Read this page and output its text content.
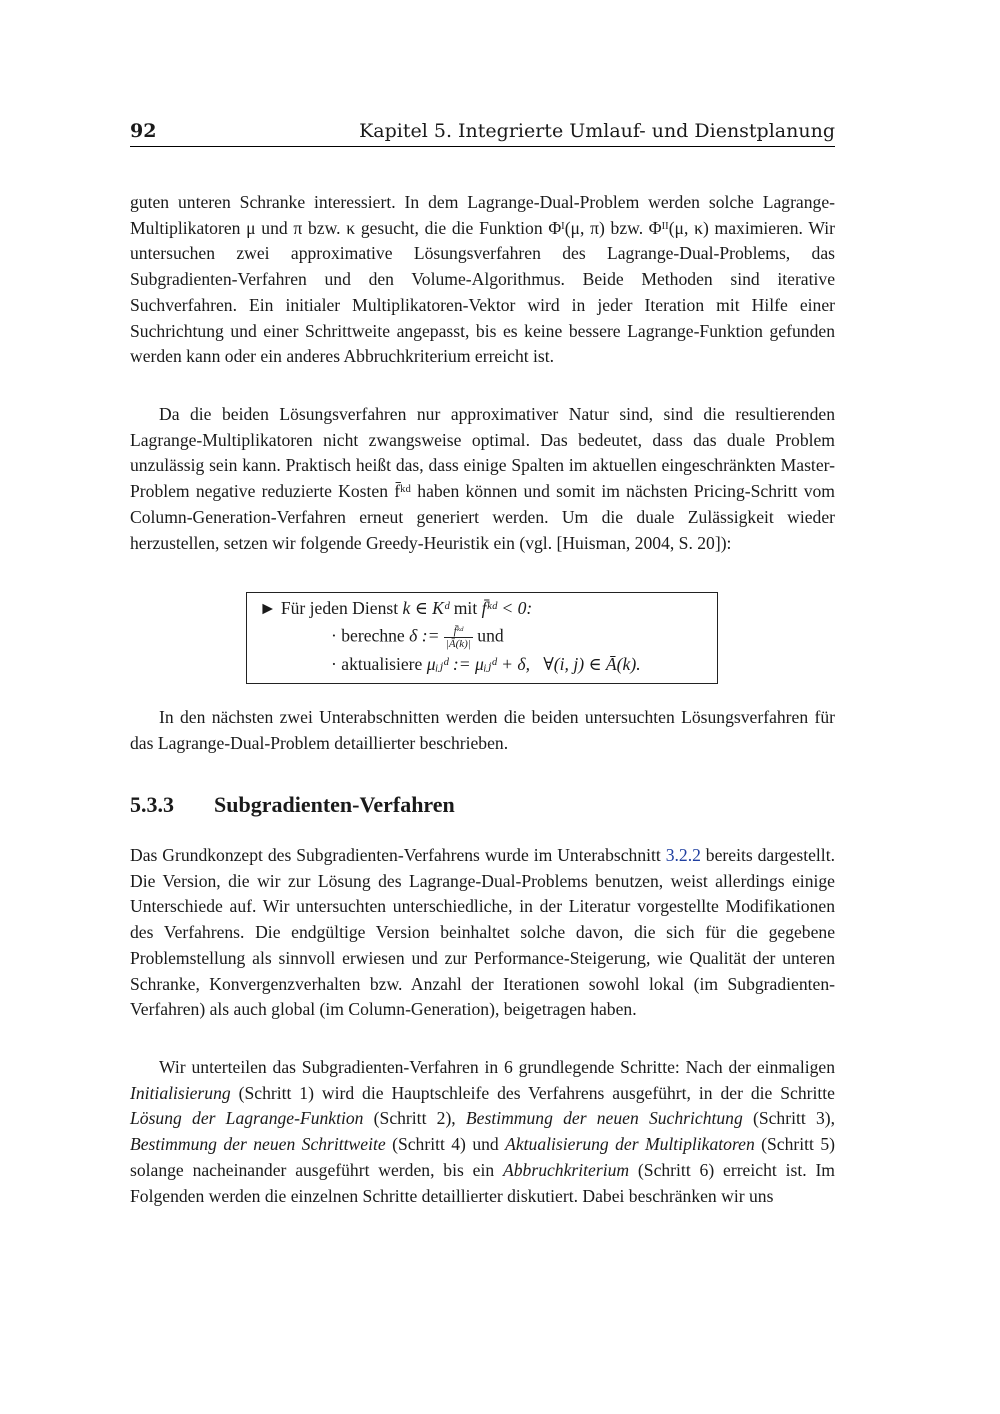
92	Kapitel 5. Integrierte Umlauf- und Dienstplanung

guten unteren Schranke interessiert. In dem Lagrange-Dual-Problem werden solche Lagrange-Multiplikatoren μ und π bzw. κ gesucht, die die Funktion Φᴵ(μ, π) bzw. Φᴵᴵ(μ, κ) maximieren. Wir untersuchen zwei approximative Lösungsverfahren des Lagrange-Dual-Problems, das Subgradienten-Verfahren und den Volume-Algorithmus. Beide Methoden sind iterative Suchverfahren. Ein initialer Multiplikatoren-Vektor wird in jeder Iteration mit Hilfe einer Suchrichtung und einer Schrittweite angepasst, bis es keine bessere Lagrange-Funktion gefunden werden kann oder ein anderes Abbruchkriterium erreicht ist.

Da die beiden Lösungsverfahren nur approximativer Natur sind, sind die resultierenden Lagrange-Multiplikatoren nicht zwangsweise optimal. Das bedeutet, dass das duale Problem unzulässig sein kann. Praktisch heißt das, dass einige Spalten im aktuellen eingeschränkten Master-Problem negative reduzierte Kosten f̄ᵏᵈ haben können und somit im nächsten Pricing-Schritt vom Column-Generation-Verfahren erneut generiert werden. Um die duale Zulässigkeit wieder herzustellen, setzen wir folgende Greedy-Heuristik ein (vgl. [Huisman, 2004, S. 20]):

► Für jeden Dienst k ∈ Kᵈ mit f̄ᵏᵈ < 0:
· berechne δ := $\frac{\text{f̄ᵏᵈ}}{|Ā(k)|}$ und
· aktualisiere μᵢⱼᵈ := μᵢⱼᵈ + δ, ∀(i, j) ∈ Ā(k).

In den nächsten zwei Unterabschnitten werden die beiden untersuchten Lösungsverfahren für das Lagrange-Dual-Problem detaillierter beschrieben.

5.3.3 Subgradienten-Verfahren

Das Grundkonzept des Subgradienten-Verfahrens wurde im Unterabschnitt 3.2.2 bereits dargestellt. Die Version, die wir zur Lösung des Lagrange-Dual-Problems benutzen, weist allerdings einige Unterschiede auf. Wir untersuchten unterschiedliche, in der Literatur vorgestellte Modifikationen des Verfahrens. Die endgültige Version beinhaltet solche davon, die sich für die gegebene Problemstellung als sinnvoll erwiesen und zur Performance-Steigerung, wie Qualität der unteren Schranke, Konvergenzverhalten bzw. Anzahl der Iterationen sowohl lokal (im Subgradienten-Verfahren) als auch global (im Column-Generation), beigetragen haben.

Wir unterteilen das Subgradienten-Verfahren in 6 grundlegende Schritte: Nach der einmaligen Initialisierung (Schritt 1) wird die Hauptschleife des Verfahrens ausgeführt, in der die Schritte Lösung der Lagrange-Funktion (Schritt 2), Bestimmung der neuen Suchrichtung (Schritt 3), Bestimmung der neuen Schrittweite (Schritt 4) und Aktualisierung der Multiplikatoren (Schritt 5) solange nacheinander ausgeführt werden, bis ein Abbruchkriterium (Schritt 6) erreicht ist. Im Folgenden werden die einzelnen Schritte detaillierter diskutiert. Dabei beschränken wir uns
